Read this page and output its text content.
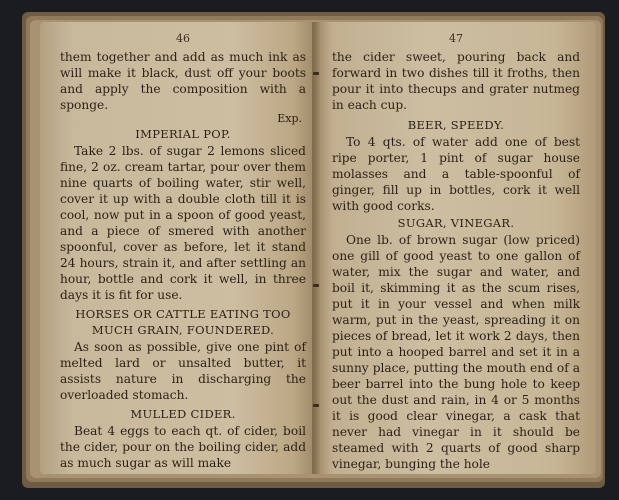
46

them together and add as much ink as will make it black, dust off your boots and apply the composition with a sponge.

Exp.

IMPERIAL POP.

Take 2 lbs. of sugar 2 lemons sliced fine, 2 oz. cream tartar, pour over them nine quarts of boiling water, stir well, cover it up with a double cloth till it is cool, now put in a spoon of good yeast, and a piece of smered with another spoonful, cover as before, let it stand 24 hours, strain it, and after settling an hour, bottle and cork it well, in three days it is fit for use.

HORSES OR CATTLE EATING TOO MUCH GRAIN, FOUNDERED.

As soon as possible, give one pint of melted lard or unsalted butter, it assists nature in discharging the overloaded stomach.

MULLED CIDER.

Beat 4 eggs to each qt. of cider, boil the cider, pour on the boiling cider, add as much sugar as will make

47

the cider sweet, pouring back and forward in two dishes till it froths, then pour it into thecups and grater nutmeg in each cup.

BEER, SPEEDY.

To 4 qts. of water add one of best ripe porter, 1 pint of sugar house molasses and a table-spoonful of ginger, fill up in bottles, cork it well with good corks.

SUGAR, VINEGAR.

One lb. of brown sugar (low priced) one gill of good yeast to one gallon of water, mix the sugar and water, and boil it, skimming it as the scum rises, put it in your vessel and when milk warm, put in the yeast, spreading it on pieces of bread, let it work 2 days, then put into a hooped barrel and set it in a sunny place, putting the mouth end of a beer barrel into the bung hole to keep out the dust and rain, in 4 or 5 months it is good clear vinegar, a cask that never had vinegar in it should be steamed with 2 quarts of good sharp vinegar, bunging the hole
